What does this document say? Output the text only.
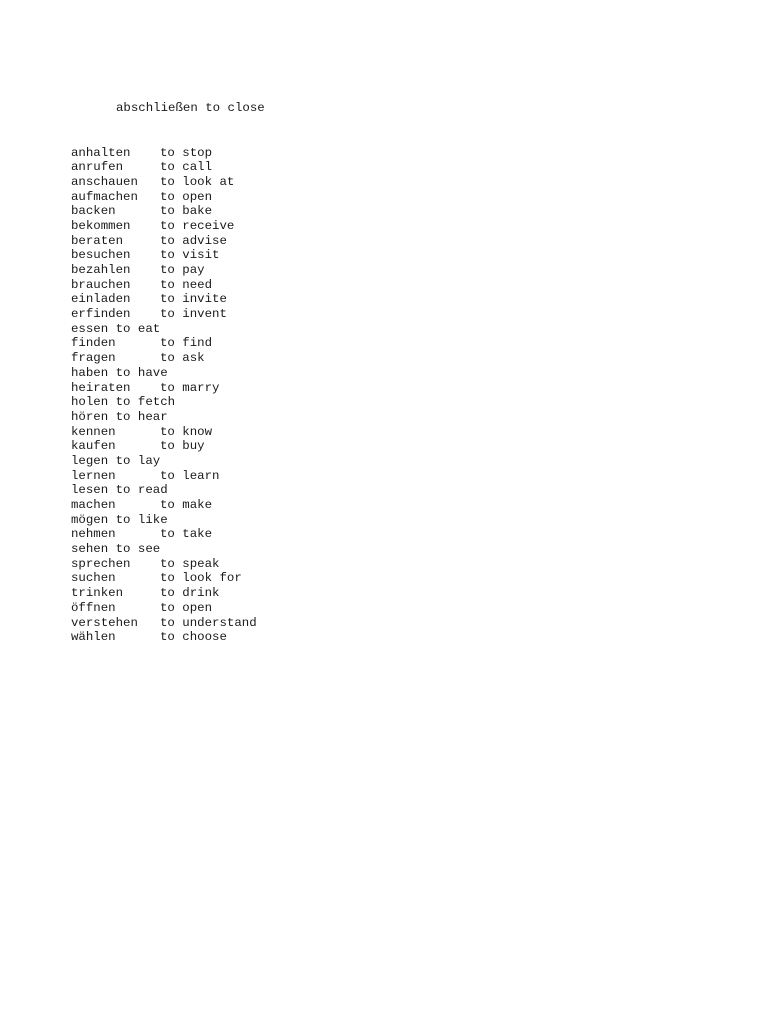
abschließen to close

anhalten to stop
anrufen	to call
anschauen to look at
aufmachen to open
backen	to bake
bekommen to receive
beraten	to advise
besuchen to visit
bezahlen to pay
brauchen to need
einladen to invite
erfinden to invent
essen to eat
finden	to find
fragen	to ask
haben to have
heiraten to marry
holen to fetch
hören to hear
kennen	to know
kaufen	to buy
legen to lay
lernen	to learn
lesen to read
machen	to make
mögen to like
nehmen	to take
sehen to see
sprechen to speak
suchen	to look for
trinken	to drink
öffnen	to open
verstehen to understand
wählen	to choose
